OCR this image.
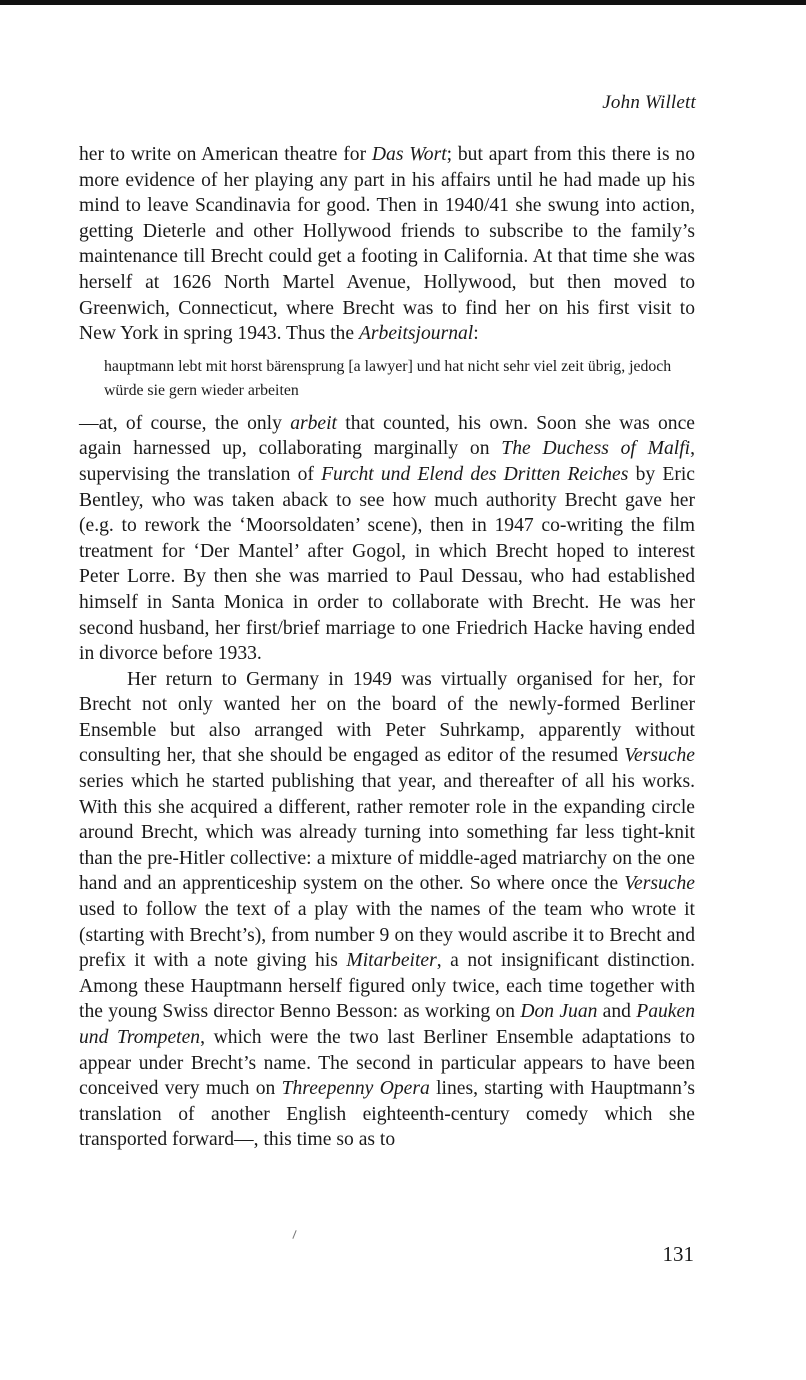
John Willett

her to write on American theatre for Das Wort; but apart from this there is no more evidence of her playing any part in his affairs until he had made up his mind to leave Scandinavia for good. Then in 1940/41 she swung into action, getting Dieterle and other Hollywood friends to subscribe to the family’s maintenance till Brecht could get a footing in California. At that time she was herself at 1626 North Martel Avenue, Hollywood, but then moved to Greenwich, Connecticut, where Brecht was to find her on his first visit to New York in spring 1943. Thus the Arbeitsjournal:

hauptmann lebt mit horst bärensprung [a lawyer] und hat nicht sehr viel zeit übrig, jedoch würde sie gern wieder arbeiten

—at, of course, the only arbeit that counted, his own. Soon she was once again harnessed up, collaborating marginally on The Duchess of Malfi, supervising the translation of Furcht und Elend des Dritten Reiches by Eric Bentley, who was taken aback to see how much authority Brecht gave her (e.g. to rework the ‘Moorsoldaten’ scene), then in 1947 co-writing the film treatment for ‘Der Mantel’ after Gogol, in which Brecht hoped to interest Peter Lorre. By then she was married to Paul Dessau, who had established himself in Santa Monica in order to collaborate with Brecht. He was her second husband, her first/brief marriage to one Friedrich Hacke having ended in divorce before 1933.

Her return to Germany in 1949 was virtually organised for her, for Brecht not only wanted her on the board of the newly-formed Berliner Ensemble but also arranged with Peter Suhrkamp, apparently without consulting her, that she should be engaged as editor of the resumed Versuche series which he started publishing that year, and thereafter of all his works. With this she acquired a different, rather remoter role in the expanding circle around Brecht, which was already turning into something far less tight-knit than the pre-Hitler collective: a mixture of middle-aged matriarchy on the one hand and an apprenticeship system on the other. So where once the Versuche used to follow the text of a play with the names of the team who wrote it (starting with Brecht’s), from number 9 on they would ascribe it to Brecht and prefix it with a note giving his Mitarbeiter, a not insignificant distinction. Among these Hauptmann herself figured only twice, each time together with the young Swiss director Benno Besson: as working on Don Juan and Pauken und Trompeten, which were the two last Berliner Ensemble adaptations to appear under Brecht’s name. The second in particular appears to have been conceived very much on Threepenny Opera lines, starting with Hauptmann’s translation of another English eighteenth-century comedy which she transported forward—, this time so as to

131
